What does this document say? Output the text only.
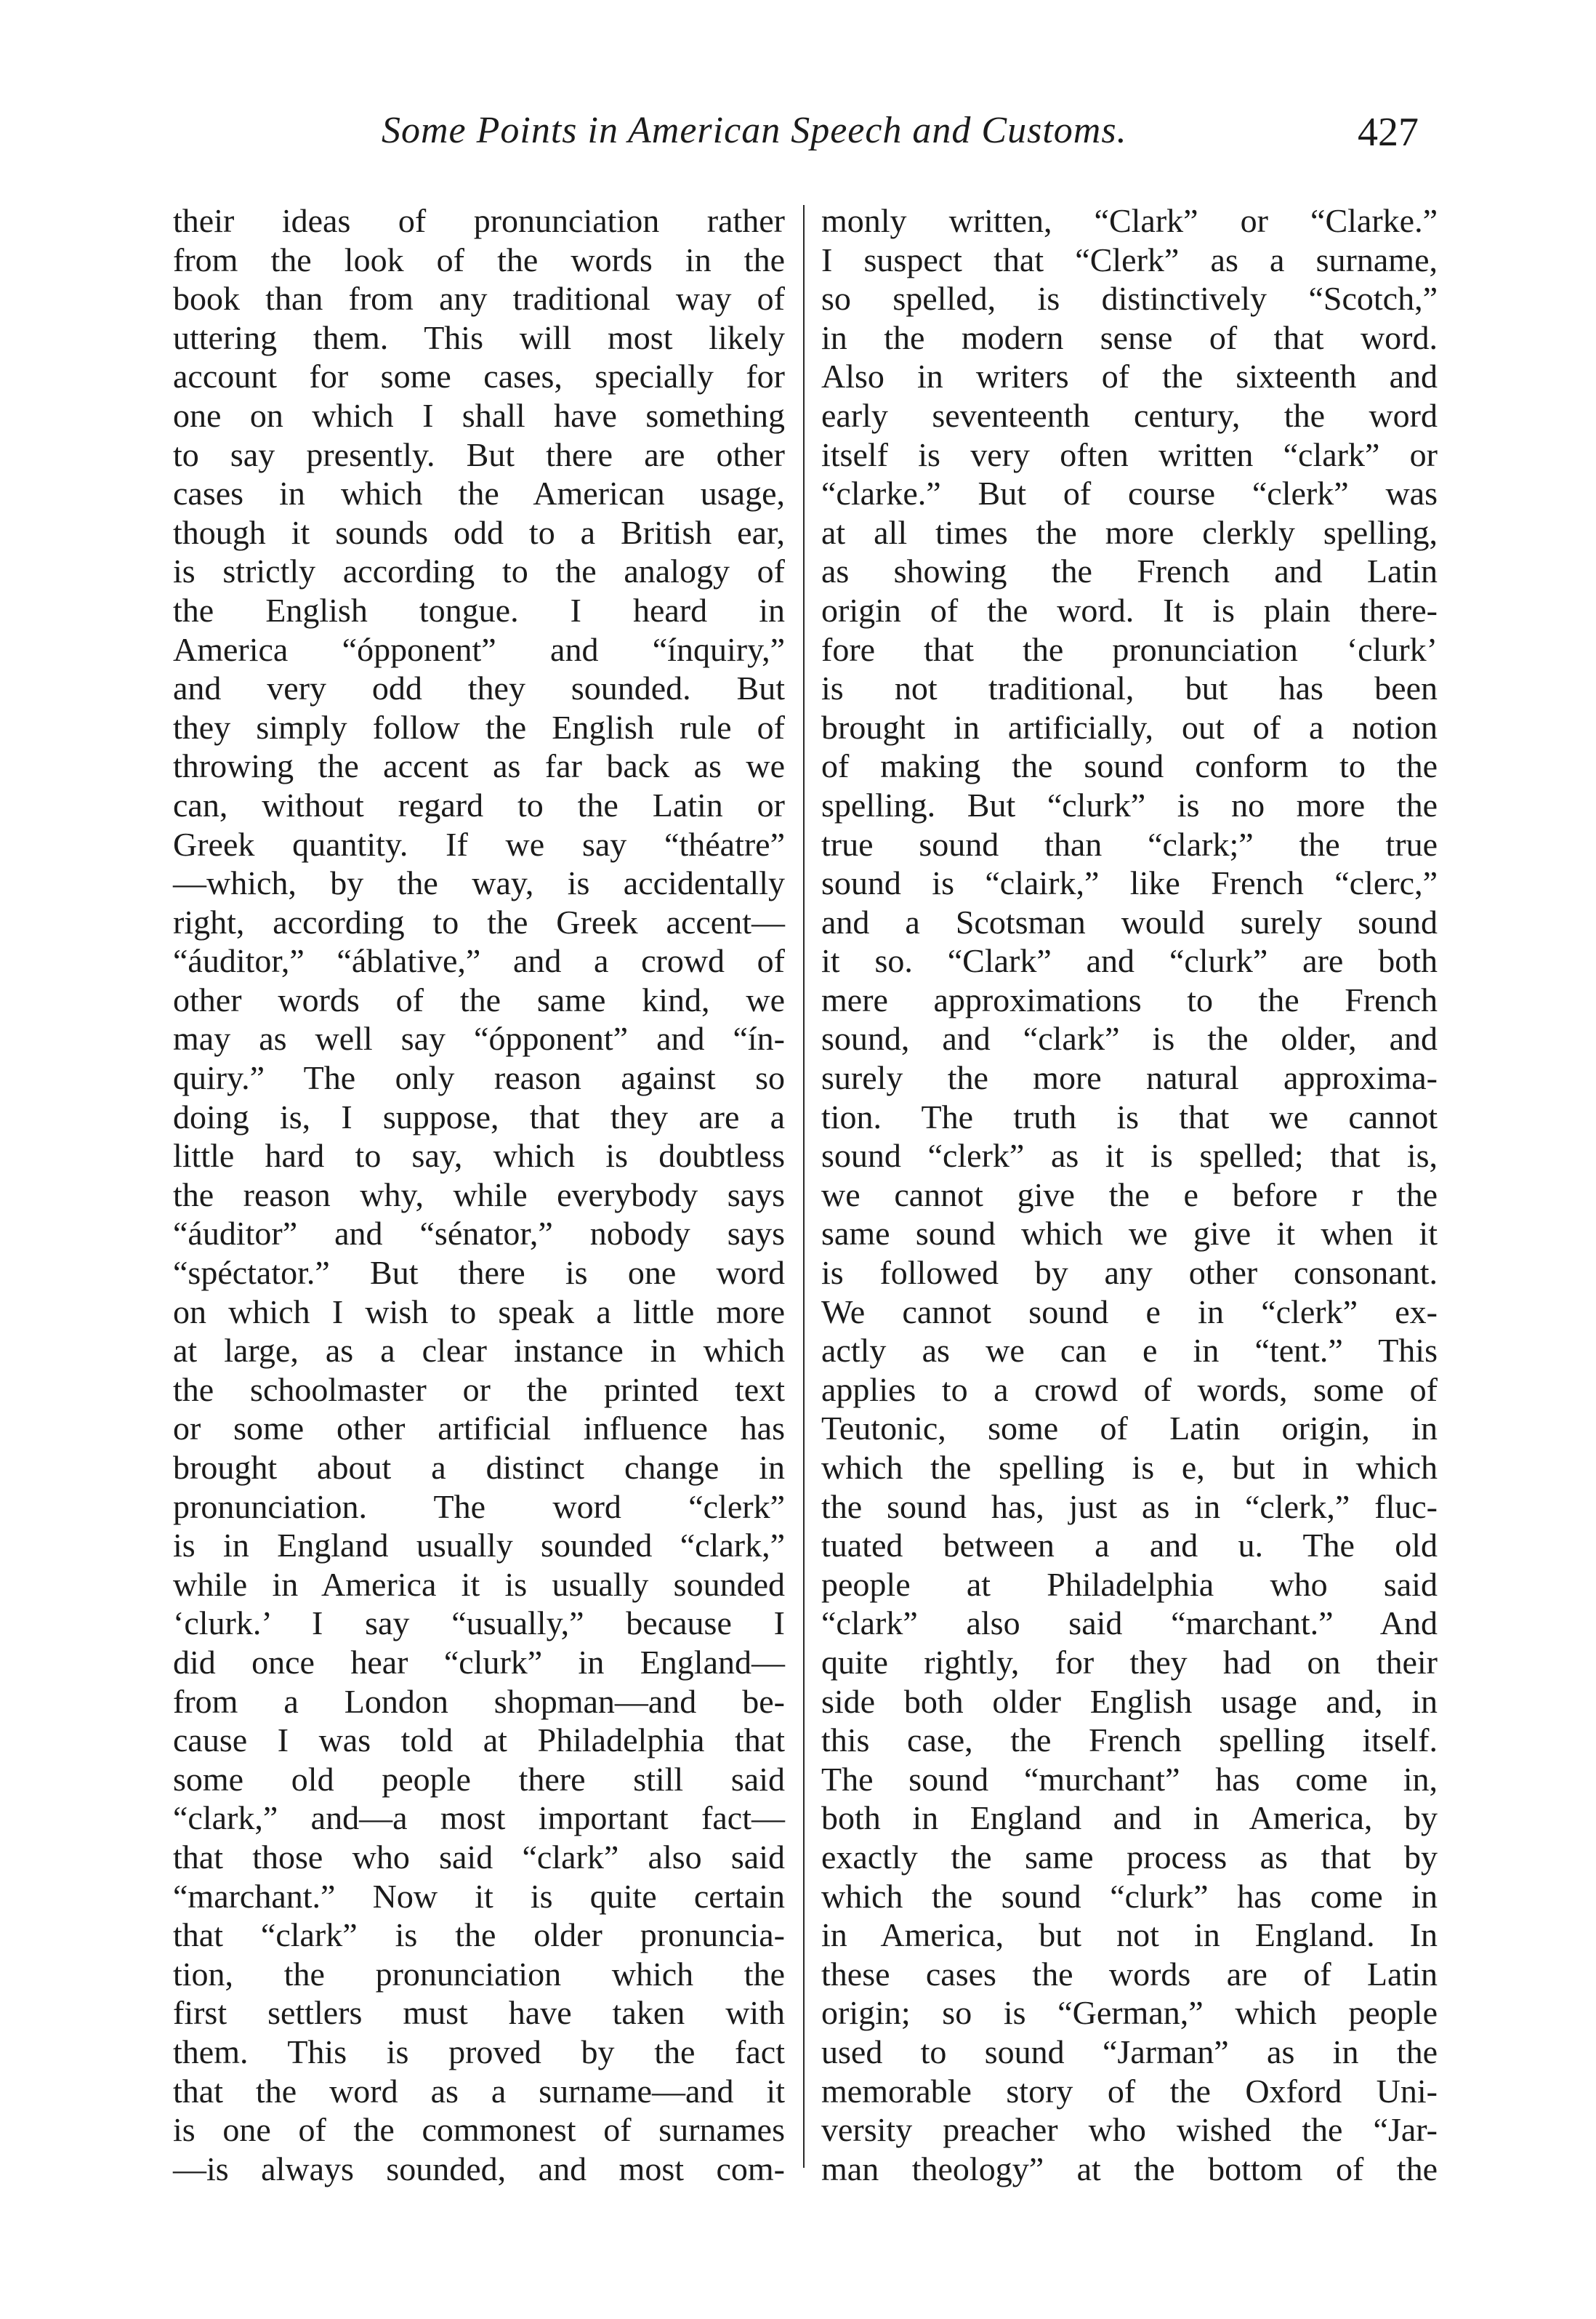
Some Points in American Speech and Customs.	427
their ideas of pronunciation rather
from the look of the words in the
book than from any traditional way of
uttering them. This will most likely
account for some cases, specially for
one on which I shall have something
to say presently. But there are other
cases in which the American usage,
though it sounds odd to a British ear,
is strictly according to the analogy of
the English tongue. I heard in
America “ópponent” and “ínquiry,”
and very odd they sounded. But
they simply follow the English rule of
throwing the accent as far back as we
can, without regard to the Latin or
Greek quantity. If we say “théatre”
—which, by the way, is accidentally
right, according to the Greek accent—
“áuditor,” “áblative,” and a crowd of
other words of the same kind, we
may as well say “ópponent” and “ín-
quiry.” The only reason against so
doing is, I suppose, that they are a
little hard to say, which is doubtless
the reason why, while everybody says
“áuditor” and “sénator,” nobody says
“spéctator.” But there is one word
on which I wish to speak a little more
at large, as a clear instance in which
the schoolmaster or the printed text
or some other artificial influence has
brought about a distinct change in
pronunciation. The word “clerk”
is in England usually sounded “clark,”
while in America it is usually sounded
‘clurk.’ I say “usually,” because I
did once hear “clurk” in England—
from a London shopman—and be-
cause I was told at Philadelphia that
some old people there still said
“clark,” and—a most important fact—
that those who said “clark” also said
“marchant.” Now it is quite certain
that “clark” is the older pronuncia-
tion, the pronunciation which the
first settlers must have taken with
them. This is proved by the fact
that the word as a surname—and it
is one of the commonest of surnames
—is always sounded, and most com-
monly written, “Clark” or “Clarke.”
I suspect that “Clerk” as a surname,
so spelled, is distinctively “Scotch,”
in the modern sense of that word.
Also in writers of the sixteenth and
early seventeenth century, the word
itself is very often written “clark” or
“clarke.” But of course “clerk” was
at all times the more clerkly spelling,
as showing the French and Latin
origin of the word. It is plain there-
fore that the pronunciation ‘clurk’
is not traditional, but has been
brought in artificially, out of a notion
of making the sound conform to the
spelling. But “clurk” is no more the
true sound than “clark;” the true
sound is “clairk,” like French “clerc,”
and a Scotsman would surely sound
it so. “Clark” and “clurk” are both
mere approximations to the French
sound, and “clark” is the older, and
surely the more natural approxima-
tion. The truth is that we cannot
sound “clerk” as it is spelled; that is,
we cannot give the e before r the
same sound which we give it when it
is followed by any other consonant.
We cannot sound e in “clerk” ex-
actly as we can e in “tent.” This
applies to a crowd of words, some of
Teutonic, some of Latin origin, in
which the spelling is e, but in which
the sound has, just as in “clerk,” fluc-
tuated between a and u. The old
people at Philadelphia who said
“clark” also said “marchant.” And
quite rightly, for they had on their
side both older English usage and, in
this case, the French spelling itself.
The sound “murchant” has come in,
both in England and in America, by
exactly the same process as that by
which the sound “clurk” has come in
in America, but not in England. In
these cases the words are of Latin
origin; so is “German,” which people
used to sound “Jarman” as in the
memorable story of the Oxford Uni-
versity preacher who wished the “Jar-
man theology” at the bottom of the
